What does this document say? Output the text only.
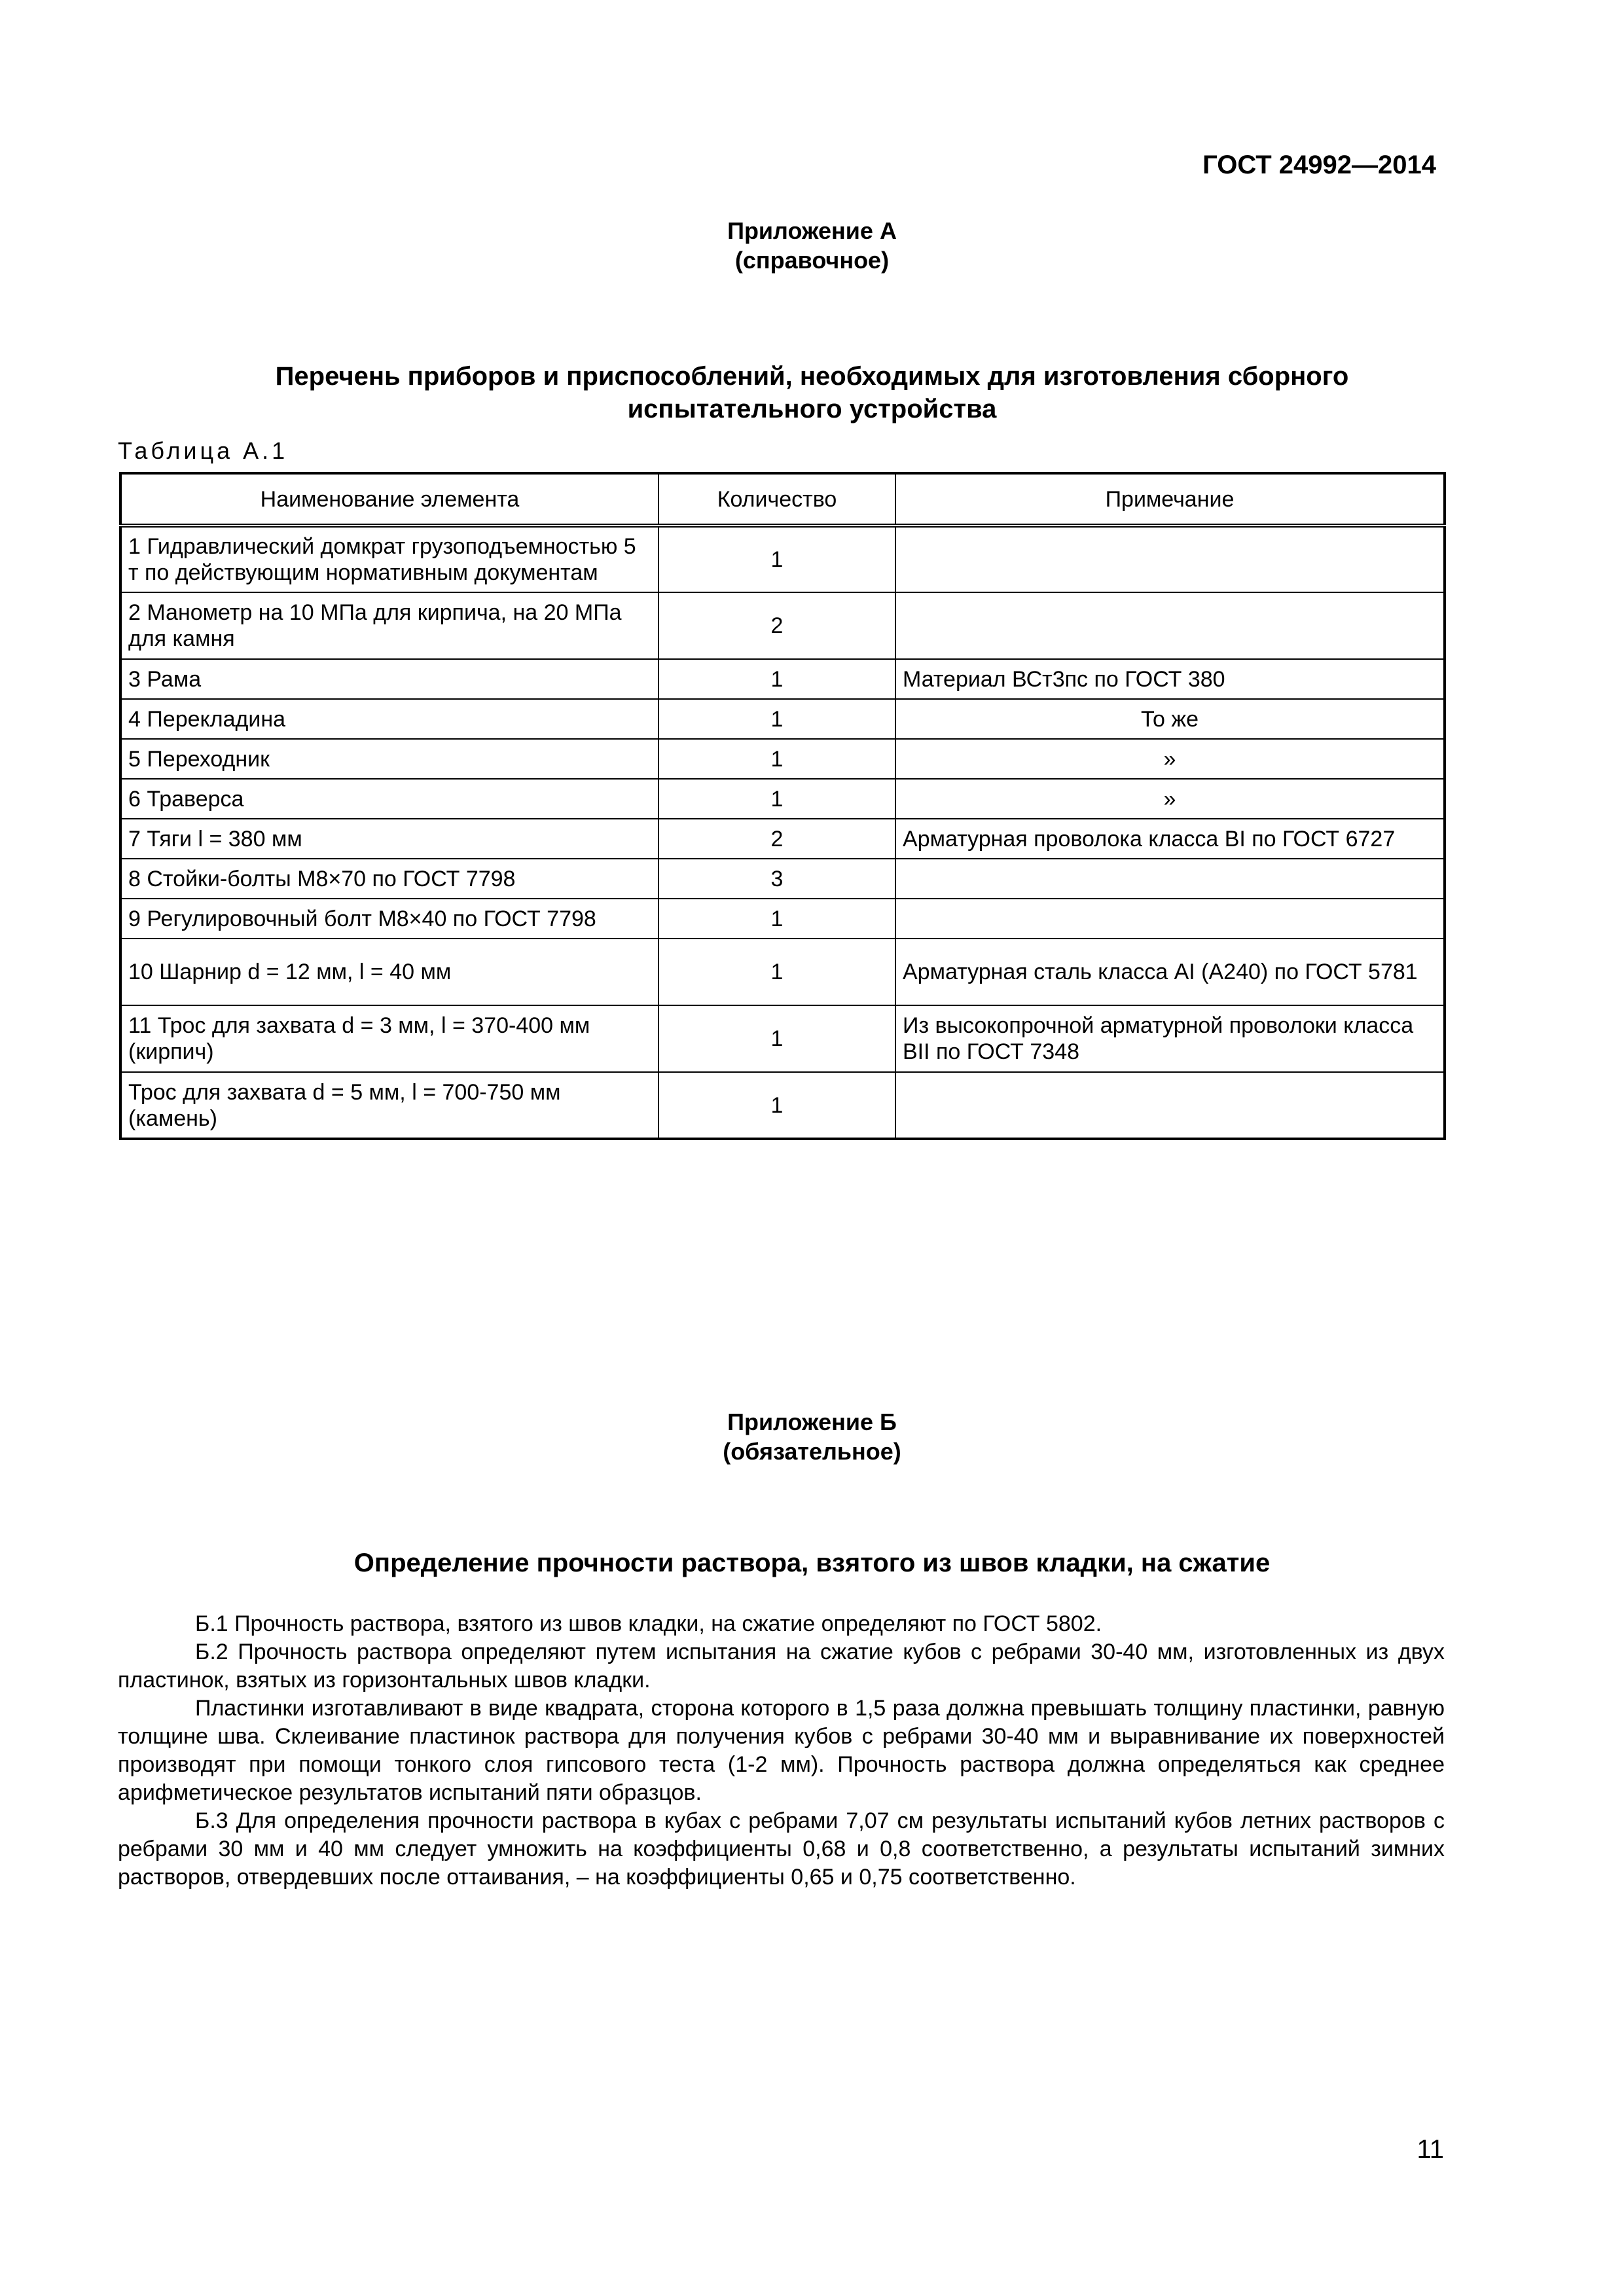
ГОСТ 24992—2014
Приложение А
(справочное)
Перечень приборов и приспособлений, необходимых для изготовления сборного
испытательного устройства
Таблица А.1
Наименование элемента	Количество	Примечание
1 Гидравлический домкрат грузоподъемностью 5 т по действующим нормативным документам	1	
2 Манометр на 10 МПа для кирпича, на 20 МПа для камня	2	
3 Рама	1	Материал ВСт3пс по ГОСТ 380
4 Перекладина	1	То же
5 Переходник	1	»
6 Траверса	1	»
7 Тяги l = 380 мм	2	Арматурная проволока класса BI по ГОСТ 6727
8 Стойки-болты М8×70 по ГОСТ 7798	3	
9 Регулировочный болт М8×40 по ГОСТ 7798	1	
10 Шарнир d = 12 мм, l = 40 мм	1	Арматурная сталь класса AI (A240) по ГОСТ 5781
11 Трос для захвата d = 3 мм, l = 370-400 мм (кирпич)	1	Из высокопрочной арматурной проволоки класса BII по ГОСТ 7348
Трос для захвата d = 5 мм, l = 700-750 мм (камень)	1	
Приложение Б
(обязательное)
Определение прочности раствора, взятого из швов кладки, на сжатие

Б.1 Прочность раствора, взятого из швов кладки, на сжатие определяют по ГОСТ 5802.

Б.2 Прочность раствора определяют путем испытания на сжатие кубов с ребрами 30-40 мм, изготовленных из двух пластинок, взятых из горизонтальных швов кладки.

Пластинки изготавливают в виде квадрата, сторона которого в 1,5 раза должна превышать толщину пластинки, равную толщине шва. Склеивание пластинок раствора для получения кубов с ребрами 30-40 мм и выравнивание их поверхностей производят при помощи тонкого слоя гипсового теста (1-2 мм). Прочность раствора должна определяться как среднее арифметическое результатов испытаний пяти образцов.

Б.3 Для определения прочности раствора в кубах с ребрами 7,07 см результаты испытаний кубов летних растворов с ребрами 30 мм и 40 мм следует умножить на коэффициенты 0,68 и 0,8 соответственно, а результаты испытаний зимних растворов, отвердевших после оттаивания, – на коэффициенты 0,65 и 0,75 соответственно.

11
